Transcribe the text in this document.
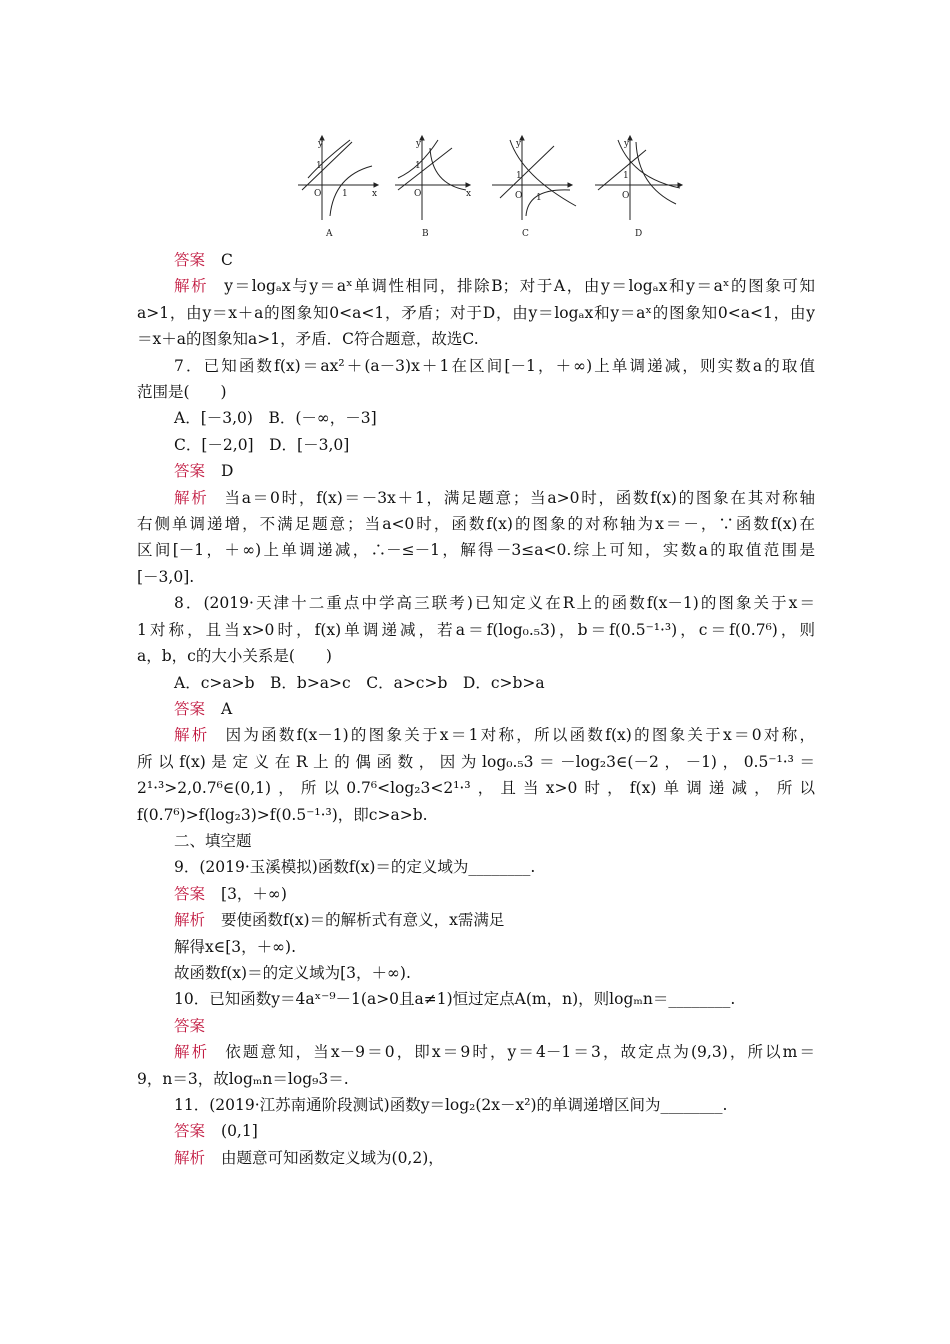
y
x
O
1
1
A
y
x
O
1
B
y
O
1
1
C
y
O
1
D
答案 C
解析 y＝logₐx与y＝aˣ单调性相同，排除B；对于A，由y＝logₐx和y＝aˣ的图象可知
a>1，由y＝x＋a的图象知0<a<1，矛盾；对于D，由y＝logₐx和y＝aˣ的图象知0<a<1，由y
＝x＋a的图象知a>1，矛盾．C符合题意，故选C.
7．已知函数f(x)＝ax²＋(a－3)x＋1在区间[－1，＋∞)上单调递减，则实数a的取值
范围是(　　)
A．[－3,0)　B．(－∞，－3]
C．[－2,0]　D．[－3,0]
答案 D
解析 当a＝0时，f(x)＝－3x＋1，满足题意；当a>0时，函数f(x)的图象在其对称轴
右侧单调递增，不满足题意；当a<0时，函数f(x)的图象的对称轴为x＝－，∵函数f(x)在
区间[－1，＋∞)上单调递减，∴－≤－1，解得－3≤a<0.综上可知，实数a的取值范围是
[－3,0].
8．(2019·天津十二重点中学高三联考)已知定义在R上的函数f(x－1)的图象关于x＝
1对称，且当x>0时，f(x)单调递减，若a＝f(log₀.₅3)，b＝f(0.5⁻¹·³)，c＝f(0.7⁶)，则
a，b，c的大小关系是(　　)
A．c>a>b　B．b>a>c　C．a>c>b　D．c>b>a
答案 A
解析 因为函数f(x－1)的图象关于x＝1对称，所以函数f(x)的图象关于x＝0对称，
所以f(x)是定义在R上的偶函数，因为log₀.₅3＝－log₂3∈(－2，－1)，0.5⁻¹·³＝
2¹·³>2,0.7⁶∈(0,1)，所以0.7⁶<log₂3<2¹·³，且当x>0时，f(x)单调递减，所以
f(0.7⁶)>f(log₂3)>f(0.5⁻¹·³)，即c>a>b.
二、填空题
9．(2019·玉溪模拟)函数f(x)＝的定义域为________.
答案 [3，＋∞)
解析 要使函数f(x)＝的解析式有意义，x需满足
解得x∈[3，＋∞).
故函数f(x)＝的定义域为[3，＋∞).
10．已知函数y＝4aˣ⁻⁹－1(a>0且a≠1)恒过定点A(m，n)，则logₘn＝________.
答案
解析 依题意知，当x－9＝0，即x＝9时，y＝4－1＝3，故定点为(9,3)，所以m＝
9，n＝3，故logₘn＝log₉3＝.
11．(2019·江苏南通阶段测试)函数y＝log₂(2x－x²)的单调递增区间为________.
答案 (0,1]
解析 由题意可知函数定义域为(0,2)，
